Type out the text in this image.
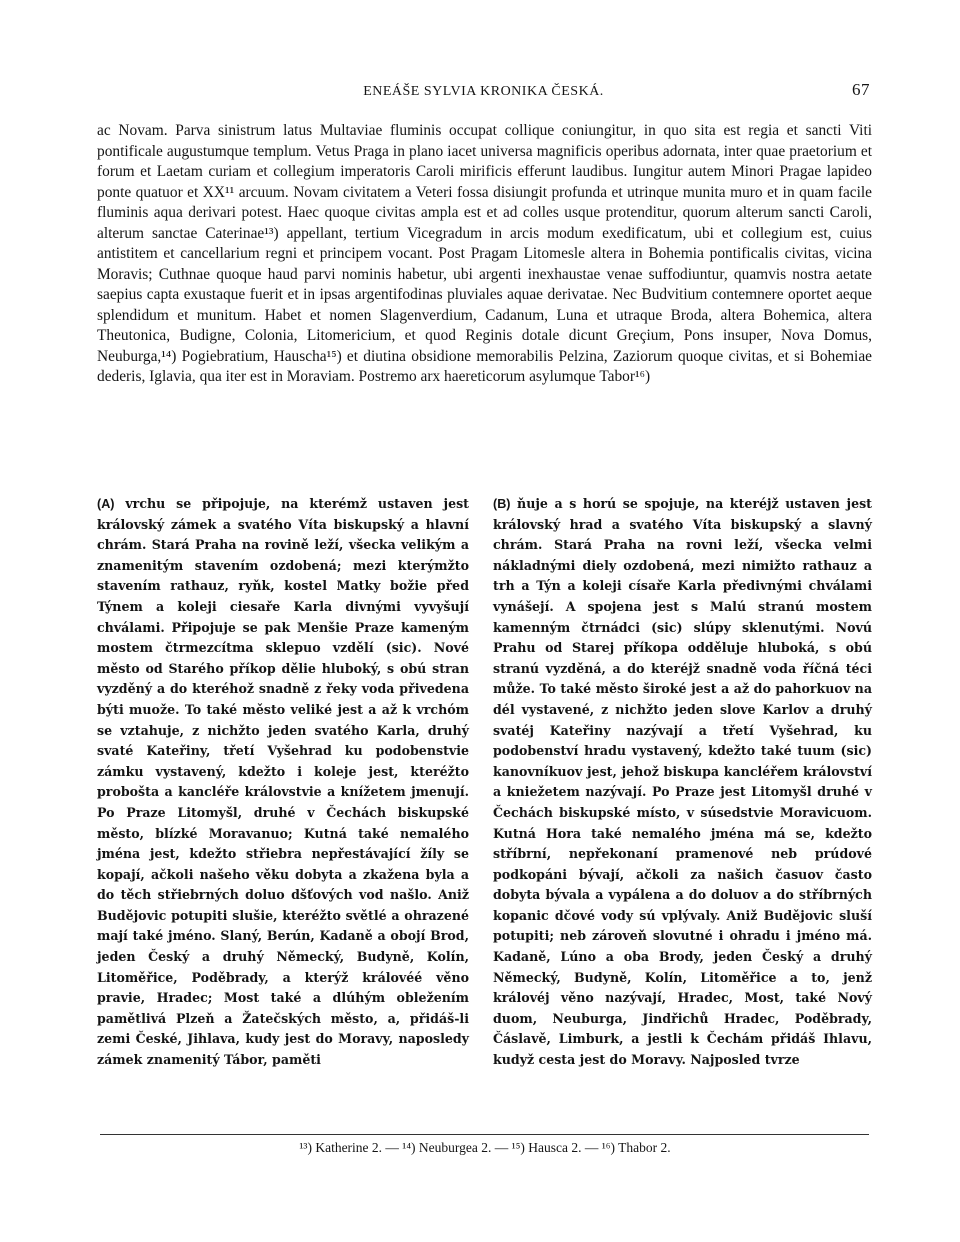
ENEÁŠE SYLVIA KRONIKA ČESKÁ.	67

ac Novam. Parva sinistrum latus Multaviae fluminis occupat collique coniungitur, in quo sita est regia et sancti Viti pontificale augustumque templum. Vetus Praga in plano iacet universa magnificis operibus adornata, inter quae praetorium et forum et Laetam curiam et collegium imperatoris Caroli mirificis efferunt laudibus. Iungitur autem Minori Pragae lapideo ponte quatuor et XX¹¹ arcuum. Novam civitatem a Veteri fossa disiungit profunda et utrinque munita muro et in quam facile fluminis aqua derivari potest. Haec quoque civitas ampla est et ad colles usque protenditur, quorum alterum sancti Caroli, alterum sanctae Caterinae¹³) appellant, tertium Vicegradum in arcis modum exedificatum, ubi et collegium est, cuius antistitem et cancellarium regni et principem vocant. Post Pragam Litomesle altera in Bohemia pontificalis civitas, vicina Moravis; Cuthnae quoque haud parvi nominis habetur, ubi argenti inexhaustae venae suffodiuntur, quamvis nostra aetate saepius capta exustaque fuerit et in ipsas argentifodinas pluviales aquae derivatae. Nec Budvitium contemnere oportet aeque splendidum et munitum. Habet et nomen Slagenverdium, Cadanum, Luna et utraque Broda, altera Bohemica, altera Theutonica, Budigne, Colonia, Litomericium, et quod Reginis dotale dicunt Greçium, Pons insuper, Nova Domus, Neuburga,¹⁴) Pogiebratium, Hauscha¹⁵) et diutina obsidione memorabilis Pelzina, Zaziorum quoque civitas, et si Bohemiae dederis, Iglavia, qua iter est in Moraviam. Postremo arx haereticorum asylumque Tabor¹⁶)

(A) vrchu se připojuje, na kterémž ustaven jest královský zámek a svatého Víta biskupský a hlavní chrám. Stará Praha na rovině leží, všecka velikým a znamenitým stavením ozdobená; mezi kterýmžto stavením rathauz, ryňk, kostel Matky božie před Týnem a koleji ciesaře Karla divnými vyvyšují chválami. Připojuje se pak Menšie Praze kameným mostem čtrmezcítma sklepuo vzdělí (sic). Nové město od Starého příkop dělie hluboký, s obú stran vyzděný a do kteréhož snadně z řeky voda přivedena býti muože. To také město veliké jest a až k vrchóm se vztahuje, z nichžto jeden svatého Karla, druhý svaté Kateřiny, třetí Vyšehrad ku podobenstvie zámku vystavený, kdežto i koleje jest, kteréžto probošta a kancléře královstvie a knížetem jmenují. Po Praze Litomyšl, druhé v Čechách biskupské město, blízké Moravanuo; Kutná také nemalého jména jest, kdežto střiebra nepřestávající žíly se kopají, ačkoli našeho věku dobyta a zkažena byla a do těch střiebrných doluo dšťových vod našlo. Aniž Budějovic potupiti slušie, kteréžto světlé a ohrazené mají také jméno. Slaný, Berún, Kadaně a obojí Brod, jeden Český a druhý Německý, Budyně, Kolín, Litoměřice, Poděbrady, a kterýž královéé věno pravie, Hradec; Most také a dlúhým obležením pamětlivá Plzeň a Žatečských město, a, přidáš-li zemi České, Jihlava, kudy jest do Moravy, naposledy zámek znamenitý Tábor, paměti

(B) ňuje a s horú se spojuje, na kteréjž ustaven jest královský hrad a svatého Víta biskupský a slavný chrám. Stará Praha na rovni leží, všecka velmi nákladnými diely ozdobená, mezi nimižto rathauz a trh a Týn a koleji císaře Karla předivnými chválami vynášejí. A spojena jest s Malú stranú mostem kamenným čtrnádci (sic) slúpy sklenutými. Novú Prahu od Starej příkopa odděluje hluboká, s obú stranú vyzděná, a do kteréjž snadně voda říčná téci může. To také město široké jest a až do pahorkuov na dél vystavené, z nichžto jeden slove Karlov a druhý svatéj Kateřiny nazývají a třetí Vyšehrad, ku podobenství hradu vystavený, kdežto také tuum (sic) kanovníkuov jest, jehož biskupa kancléřem království a kniežetem nazývají. Po Praze jest Litomyšl druhé v Čechách biskupské místo, v súsedstvie Moravicuom. Kutná Hora také nemalého jména má se, kdežto stříbrní, nepřekonaní pramenové neb prúdové podkopáni bývají, ačkoli za našich časuov často dobyta bývala a vypálena a do doluov a do stříbrných kopanic dčové vody sú vplývaly. Aniž Budějovic sluší potupiti; neb zároveň slovutné i ohradu i jméno má. Kadaně, Lúno a oba Brody, jeden Český a druhý Německý, Budyně, Kolín, Litoměřice a to, jenž královéj věno nazývají, Hradec, Most, také Nový duom, Neuburga, Jindřichů Hradec, Poděbrady, Čáslavě, Limburk, a jestli k Čechám přidáš Ihlavu, kudyž cesta jest do Moravy. Najposled tvrze

¹³) Katherine 2. — ¹⁴) Neuburgea 2. — ¹⁵) Hausca 2. — ¹⁶) Thabor 2.
